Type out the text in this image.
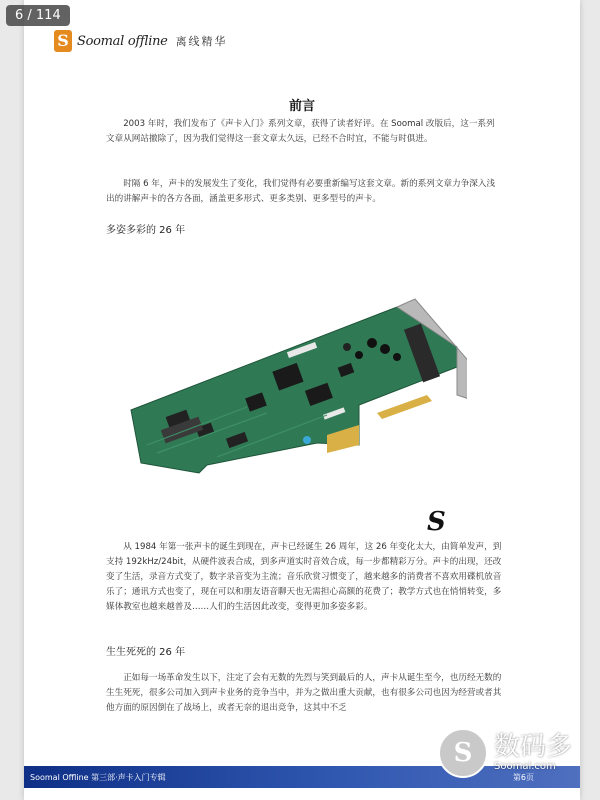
6 / 114
S Soomal offline 离线精华
前言

2003 年时，我们发布了《声卡入门》系列文章，获得了读者好评。在 Soomal 改版后，这一系列文章从网站撤除了，因为我们觉得这一套文章太久远，已经不合时宜，不能与时俱进。

时隔 6 年，声卡的发展发生了变化，我们觉得有必要重新编写这套文章。新的系列文章力争深入浅出的讲解声卡的各方各面，涵盖更多形式、更多类别、更多型号的声卡。

多姿多彩的 26 年
S

从 1984 年第一张声卡的诞生到现在，声卡已经诞生 26 周年，这 26 年变化太大，由简单发声，到支持 192kHz/24bit，从硬件波表合成，到多声道实时音效合成，每一步都精彩万分。声卡的出现，还改变了生活，录音方式变了，数字录音变为主流；音乐欣赏习惯变了，越来越多的消费者不喜欢用碟机放音乐了；通讯方式也变了，现在可以和朋友语音聊天也无需担心高额的花费了；教学方式也在悄悄转变，多媒体教室也越来越普及……人们的生活因此改变，变得更加多姿多彩。

生生死死的 26 年

正如每一场革命发生以下，注定了会有无数的先烈与笑到最后的人，声卡从诞生至今，也历经无数的生生死死，很多公司加入到声卡业务的竞争当中，并为之做出重大贡献，也有很多公司也因为经营或者其他方面的原因倒在了战场上，或者无奈的退出竞争，这其中不乏

Soomal Offline 第三部·声卡入门专辑	第6页
S 数码多
Soomal.com
